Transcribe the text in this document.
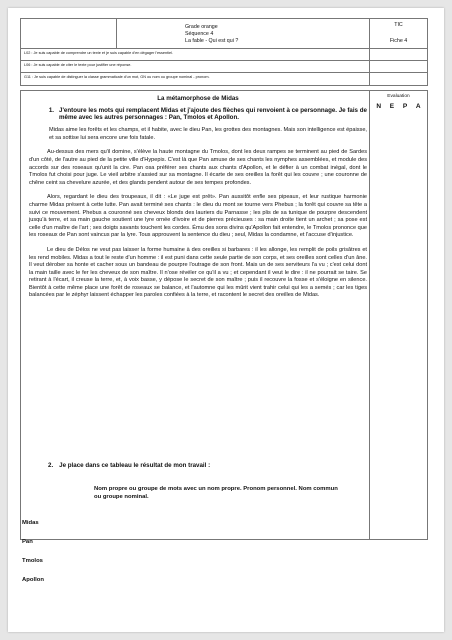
Grade orange
Séquence 4
La fable - Qui est qui ?
TIC
Fiche 4
L02 : Je suis capable de comprendre un texte et je suis capable d'en dégager l'essentiel.
L06 : Je suis capable de citer le texte pour justifier une réponse.
G11 : Je suis capable de distinguer la classe grammaticale d'un mot, GN ou nom ou groupe nominal - pronom.
Evaluation
N E P A
La métamorphose de Midas
1. J'entoure les mots qui remplacent Midas et j'ajoute des flèches qui renvoient à ce personnage. Je fais de même avec les autres personnages : Pan, Tmolos et Apollon.

Midas aime les forêts et les champs, et il habite, avec le dieu Pan, les grottes des montagnes. Mais son intelligence est épaisse, et sa sottise lui sera encore une fois fatale.

Au-dessus des mers qu'il domine, s'élève la haute montagne du Tmolos, dont les deux rampes se terminent au pied de Sardes d'un côté, de l'autre au pied de la petite ville d'Hypepis. C'est là que Pan amuse de ses chants les nymphes assemblées, et module des accords sur des roseaux qu'unit la cire. Pan osa préférer ses chants aux chants d'Apollon, et le défier à un combat inégal, dont le Tmolos fut choisi pour juge. Le vieil arbitre s'assied sur sa montagne. Il écarte de ses oreilles la forêt qui les couvre ; une couronne de chêne ceint sa chevelure azurée, et des glands pendent autour de ses tempes profondes.

Alors, regardant le dieu des troupeaux, il dit : «Le juge est prêt». Pan aussitôt enfle ses pipeaux, et leur rustique harmonie charme Midas présent à cette lutte. Pan avait terminé ses chants : le dieu du mont se tourne vers Phebus ; la forêt qui couvre sa tête a suivi ce mouvement. Phebus a couronné ses cheveux blonds des lauriers du Parnasse ; les plis de sa tunique de pourpre descendent jusqu'à terre, et sa main gauche soutient une lyre ornée d'ivoire et de pierres précieuses : sa main droite tient un archet ; sa pose est celle d'un maître de l'art ; ses doigts savants touchent les cordes. Ému des sons divins qu'Apollon fait entendre, le Tmolos prononce que les roseaux de Pan sont vaincus par la lyre. Tous approuvent la sentence du dieu ; seul, Midas la condamne, et l'accuse d'injustice.

Le dieu de Délos ne veut pas laisser la forme humaine à des oreilles si barbares : il les allonge, les remplit de poils grisâtres et les rend mobiles. Midas a tout le reste d'un homme : il est puni dans cette seule partie de son corps, et ses oreilles sont celles d'un âne. Il veut dérober sa honte et cacher sous un bandeau de pourpre l'outrage de son front. Mais un de ses serviteurs l'a vu ; c'est celui dont la main taille avec le fer les cheveux de son maître. Il n'ose révéler ce qu'il a vu ; et cependant il veut le dire : il ne pourrait se taire. Se retirant à l'écart, il creuse la terre, et, à voix basse, y dépose le secret de son maître ; puis il recouvre la fosse et s'éloigne en silence. Bientôt à cette même place une forêt de roseaux se balance, et l'automne qui les mûrit vient trahir celui qui les a semés ; car les tiges balancées par le zéphyr laissent échapper les paroles confiées à la terre, et racontent le secret des oreilles de Midas.

2. Je place dans ce tableau le résultat de mon travail :
Nom propre ou groupe de mots avec un nom propre. Pronom personnel. Nom commun ou groupe nominal.
Midas
Pan
Tmolos
Apollon
